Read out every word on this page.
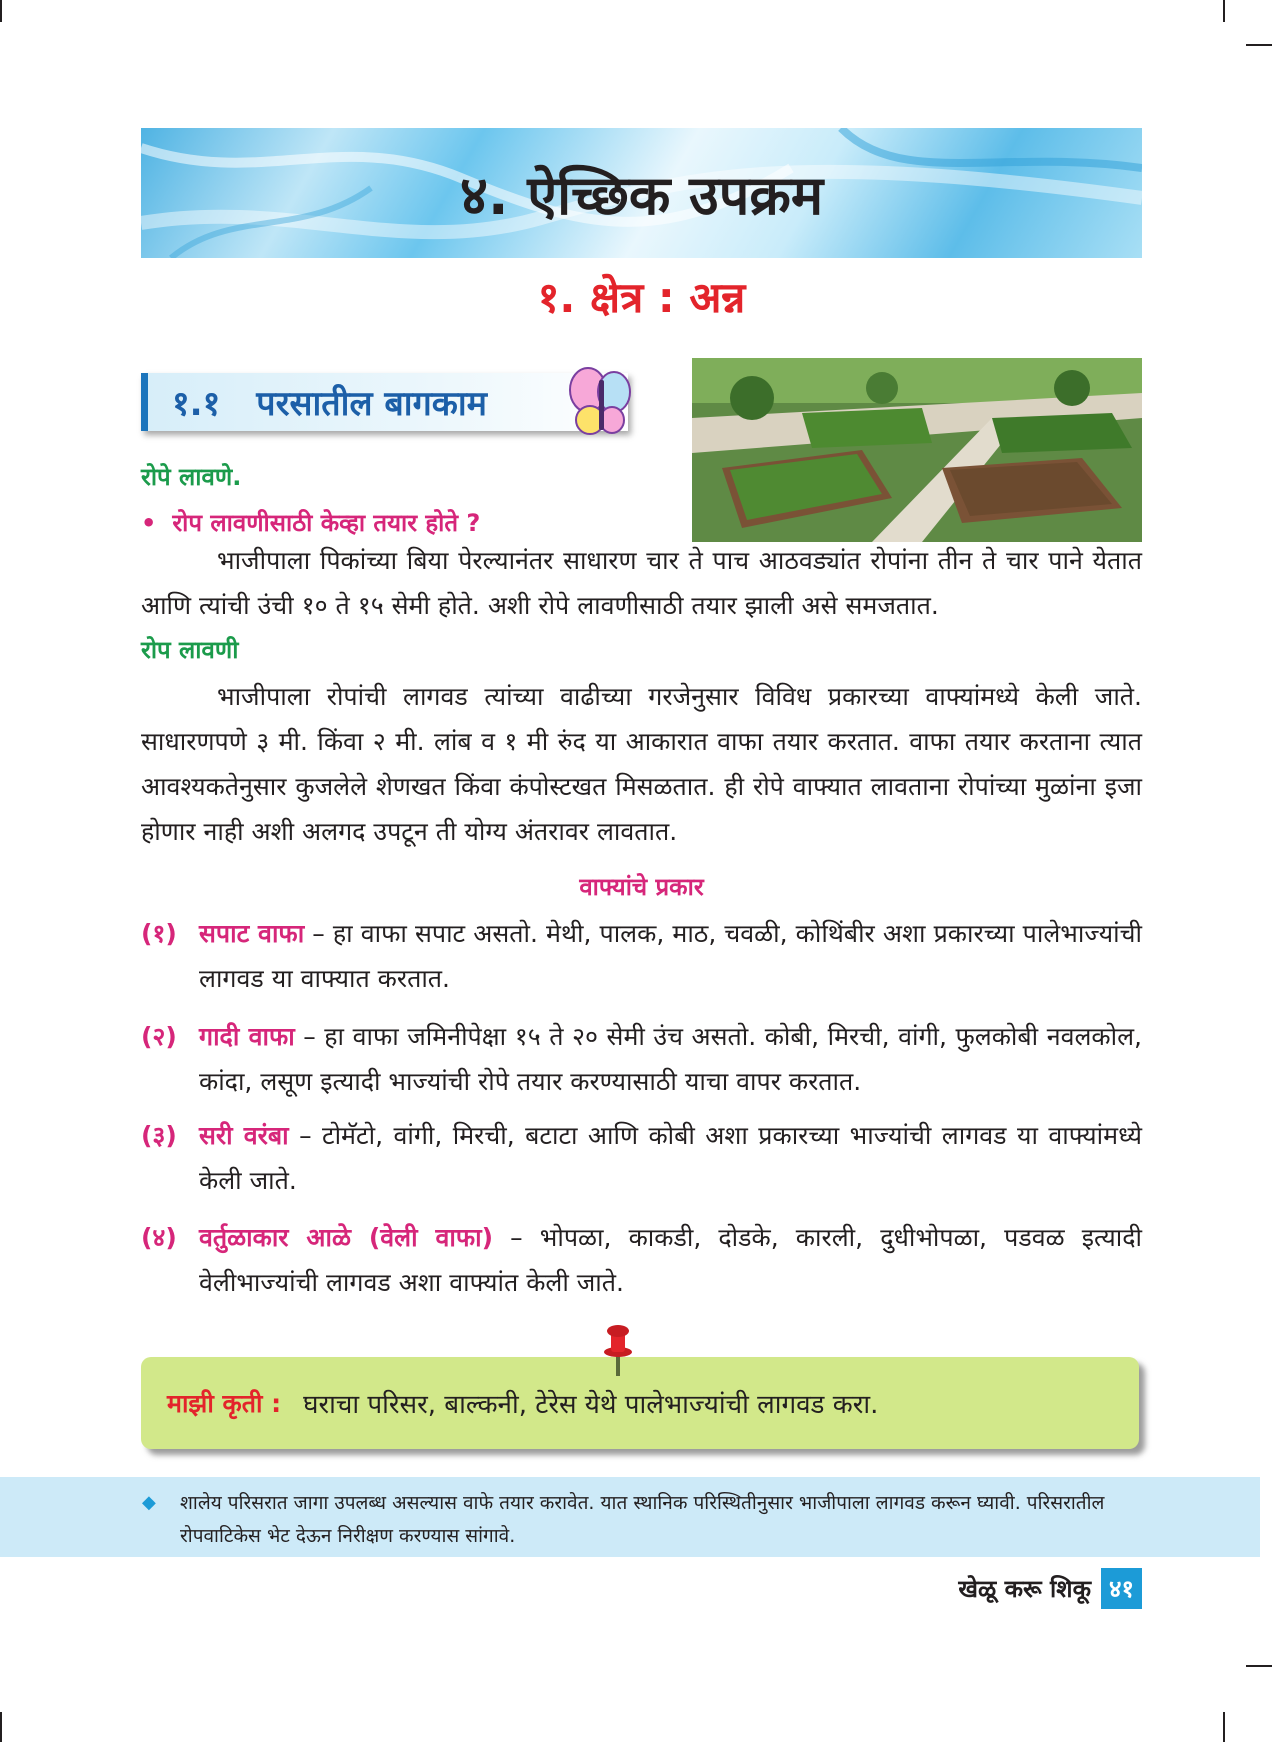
४. ऐच्छिक उपक्रम
१. क्षेत्र : अन्न
१.१ परसातील बागकाम

रोपे लावणे.

• रोप लावणीसाठी केव्हा तयार होते ?

भाजीपाला पिकांच्या बिया पेरल्यानंतर साधारण चार ते पाच आठवड्यांत रोपांना तीन ते चार पाने येतात आणि त्यांची उंची १० ते १५ सेमी होते. अशी रोपे लावणीसाठी तयार झाली असे समजतात.

रोप लावणी

भाजीपाला रोपांची लागवड त्यांच्या वाढीच्या गरजेनुसार विविध प्रकारच्या वाफ्यांमध्ये केली जाते. साधारणपणे ३ मी. किंवा २ मी. लांब व १ मी रुंद या आकारात वाफा तयार करतात. वाफा तयार करताना त्यात आवश्यकतेनुसार कुजलेले शेणखत किंवा कंपोस्टखत मिसळतात. ही रोपे वाफ्यात लावताना रोपांच्या मुळांना इजा होणार नाही अशी अलगद उपटून ती योग्य अंतरावर लावतात.

वाफ्यांचे प्रकार

(१) सपाट वाफा – हा वाफा सपाट असतो. मेथी, पालक, माठ, चवळी, कोथिंबीर अशा प्रकारच्या पालेभाज्यांची लागवड या वाफ्यात करतात.
(२) गादी वाफा – हा वाफा जमिनीपेक्षा १५ ते २० सेमी उंच असतो. कोबी, मिरची, वांगी, फुलकोबी नवलकोल, कांदा, लसूण इत्यादी भाज्यांची रोपे तयार करण्यासाठी याचा वापर करतात.
(३) सरी वरंबा – टोमॅटो, वांगी, मिरची, बटाटा आणि कोबी अशा प्रकारच्या भाज्यांची लागवड या वाफ्यांमध्ये केली जाते.
(४) वर्तुळाकार आळे (वेली वाफा) – भोपळा, काकडी, दोडके, कारली, दुधीभोपळा, पडवळ इत्यादी वेलीभाज्यांची लागवड अशा वाफ्यांत केली जाते.
माझी कृती : घराचा परिसर, बाल्कनी, टेरेस येथे पालेभाज्यांची लागवड करा.
◆ शालेय परिसरात जागा उपलब्ध असल्यास वाफे तयार करावेत. यात स्थानिक परिस्थितीनुसार भाजीपाला लागवड करून घ्यावी. परिसरातील रोपवाटिकेस भेट देऊन निरीक्षण करण्यास सांगावे.
खेळू करू शिकू ४१
